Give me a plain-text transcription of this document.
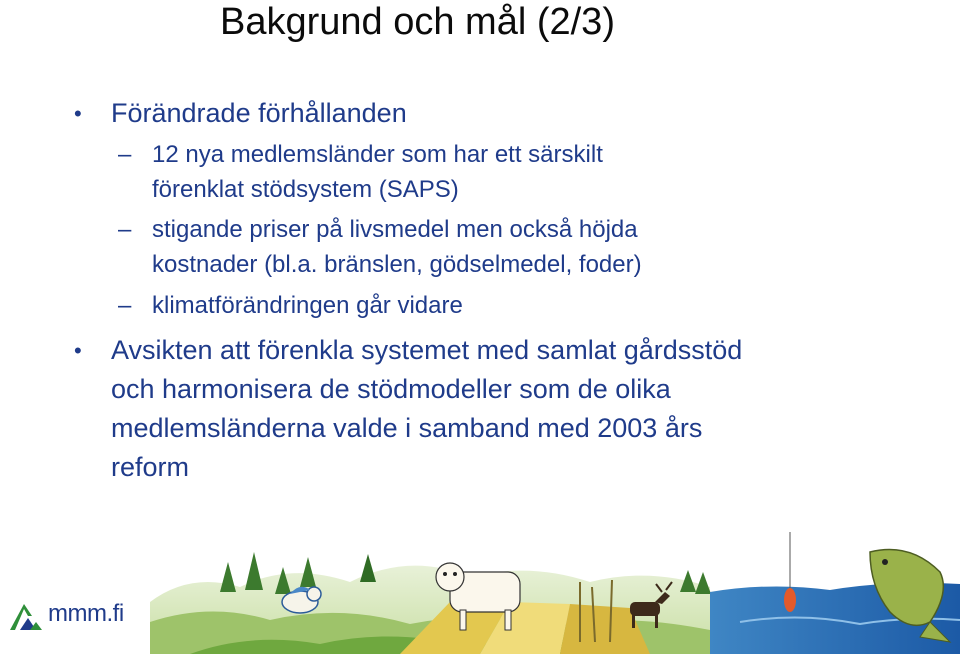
Bakgrund och mål (2/3)
• Förändrade förhållanden
– 12 nya medlemsländer som har ett särskilt
förenklat stödsystem (SAPS)
– stigande priser på livsmedel men också höjda
kostnader (bl.a. bränslen, gödselmedel, foder)
– klimatförändringen går vidare
• Avsikten att förenkla systemet med samlat gårdsstöd
och harmonisera de stödmodeller som de olika
medlemsländerna valde i samband med 2003 års
reform
mmm.fi
